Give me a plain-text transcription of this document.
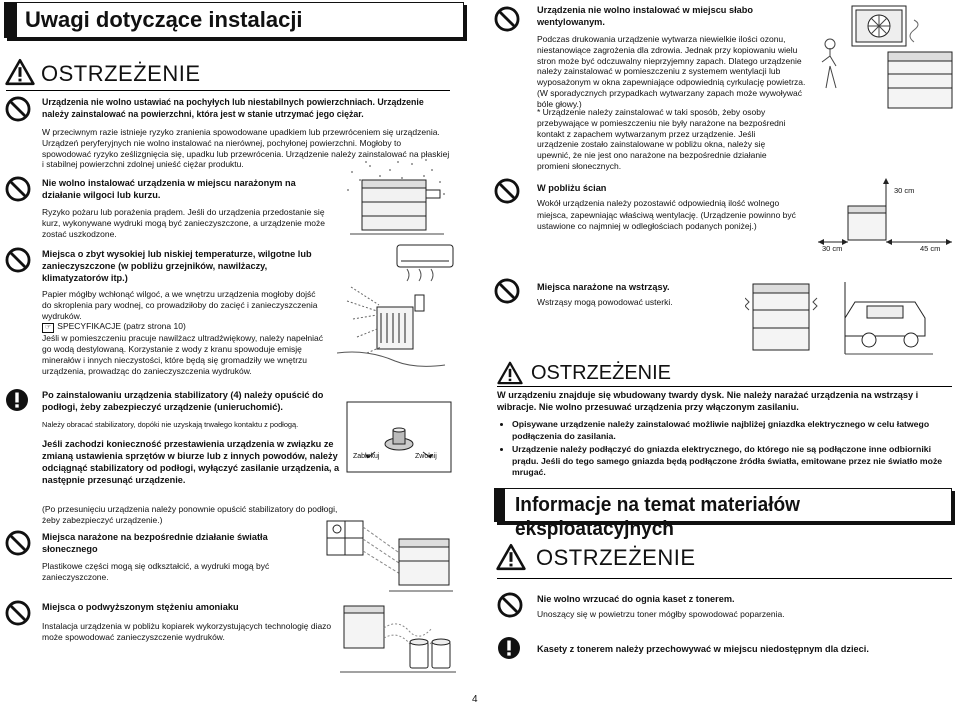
Uwagi dotyczące instalacji
OSTRZEŻENIE
Urządzenia nie wolno ustawiać na pochyłych lub niestabilnych powierzchniach. Urządzenie należy zainstalować na powierzchni, która jest w stanie utrzymać jego ciężar.
W przeciwnym razie istnieje ryzyko zranienia spowodowane upadkiem lub przewróceniem się urządzenia. Urządzeń peryferyjnych nie wolno instalować na nierównej, pochyłonej powierzchni. Mogłoby to spowodować ryzyko ześlizgnięcia się, upadku lub przewrócenia. Urządzenie należy zainstalować na płaskiej i stabilnej powierzchni zdolnej unieść ciężar produktu.
Nie wolno instalować urządzenia w miejscu narażonym na działanie wilgoci lub kurzu.
Ryzyko pożaru lub porażenia prądem. Jeśli do urządzenia przedostanie się kurz, wykonywane wydruki mogą być zanieczyszczone, a urządzenie może zostać uszkodzone.
Miejsca o zbyt wysokiej lub niskiej temperaturze, wilgotne lub zanieczyszczone (w pobliżu grzejników, nawilżaczy, klimatyzatorów itp.)
Papier mógłby wchłonąć wilgoć, a we wnętrzu urządzenia mogłoby dojść do skroplenia pary wodnej, co prowadziłoby do zacięć i zanieczyszczenia wydruków.
☞ SPECYFIKACJE (patrz strona 10)
Jeśli w pomieszczeniu pracuje nawilżacz ultradźwiękowy, należy napełniać go wodą destylowaną. Korzystanie z wody z kranu spowoduje emisję minerałów i innych nieczystości, które będą się gromadziły we wnętrzu urządzenia, prowadząc do zanieczyszczenia wydruków.
Po zainstalowaniu urządzenia stabilizatory (4) należy opuścić do podłogi, żeby zabezpieczyć urządzenie (unieruchomić).
Należy obracać stabilizatory, dopóki nie uzyskają trwałego kontaktu z podłogą.
Jeśli zachodzi konieczność przestawienia urządzenia w związku ze zmianą ustawienia sprzętów w biurze lub z innych powodów, należy odciągnąć stabilizatory od podłogi, wyłączyć zasilanie urządzenia, a następnie przesunąć urządzenie.
(Po przesunięciu urządzenia należy ponownie opuścić stabilizatory do podłogi, żeby zabezpieczyć urządzenie.)
Zablokuj	Zwolnij
Miejsca narażone na bezpośrednie działanie światła słonecznego
Plastikowe części mogą się odkształcić, a wydruki mogą być zanieczyszczone.
Miejsca o podwyższonym stężeniu amoniaku
Instalacja urządzenia w pobliżu kopiarek wykorzystujących technologię diazo może spowodować zanieczyszczenie wydruków.
Urządzenia nie wolno instalować w miejscu słabo wentylowanym.
Podczas drukowania urządzenie wytwarza niewielkie ilości ozonu, niestanowiące zagrożenia dla zdrowia. Jednak przy kopiowaniu wielu stron może być odczuwalny nieprzyjemny zapach. Dlatego urządzenie należy zainstalować w pomieszczeniu z systemem wentylacji lub wyposażonym w okna zapewniające odpowiednią cyrkulację powietrza. (W sporadycznych przypadkach wytwarzany zapach może wywoływać bóle głowy.)
* Urządzenie należy zainstalować w taki sposób, żeby osoby przebywające w pomieszczeniu nie były narażone na bezpośredni kontakt z zapachem wytwarzanym przez urządzenie. Jeśli urządzenie zostało zainstalowane w pobliżu okna, należy się upewnić, że nie jest ono narażone na bezpośrednie działanie promieni słonecznych.
W pobliżu ścian
Wokół urządzenia należy pozostawić odpowiednią ilość wolnego miejsca, zapewniając właściwą wentylację. (Urządzenie powinno być ustawione co najmniej w odległościach podanych poniżej.)
30 cm
30 cm	45 cm
Miejsca narażone na wstrząsy.
Wstrząsy mogą powodować usterki.
OSTRZEŻENIE
W urządzeniu znajduje się wbudowany twardy dysk. Nie należy narażać urządzenia na wstrząsy i wibracje. Nie wolno przesuwać urządzenia przy włączonym zasilaniu.
• Opisywane urządzenie należy zainstalować możliwie najbliżej gniazdka elektrycznego w celu łatwego podłączenia do zasilania.
• Urządzenie należy podłączyć do gniazda elektrycznego, do którego nie są podłączone inne odbiorniki prądu. Jeśli do tego samego gniazda będą podłączone źródła światła, emitowane przez nie światło może mrugać.
Informacje na temat materiałów eksploatacyjnych
OSTRZEŻENIE
Nie wolno wrzucać do ognia kaset z tonerem.
Unoszący się w powietrzu toner mógłby spowodować poparzenia.
Kasety z tonerem należy przechowywać w miejscu niedostępnym dla dzieci.
4
